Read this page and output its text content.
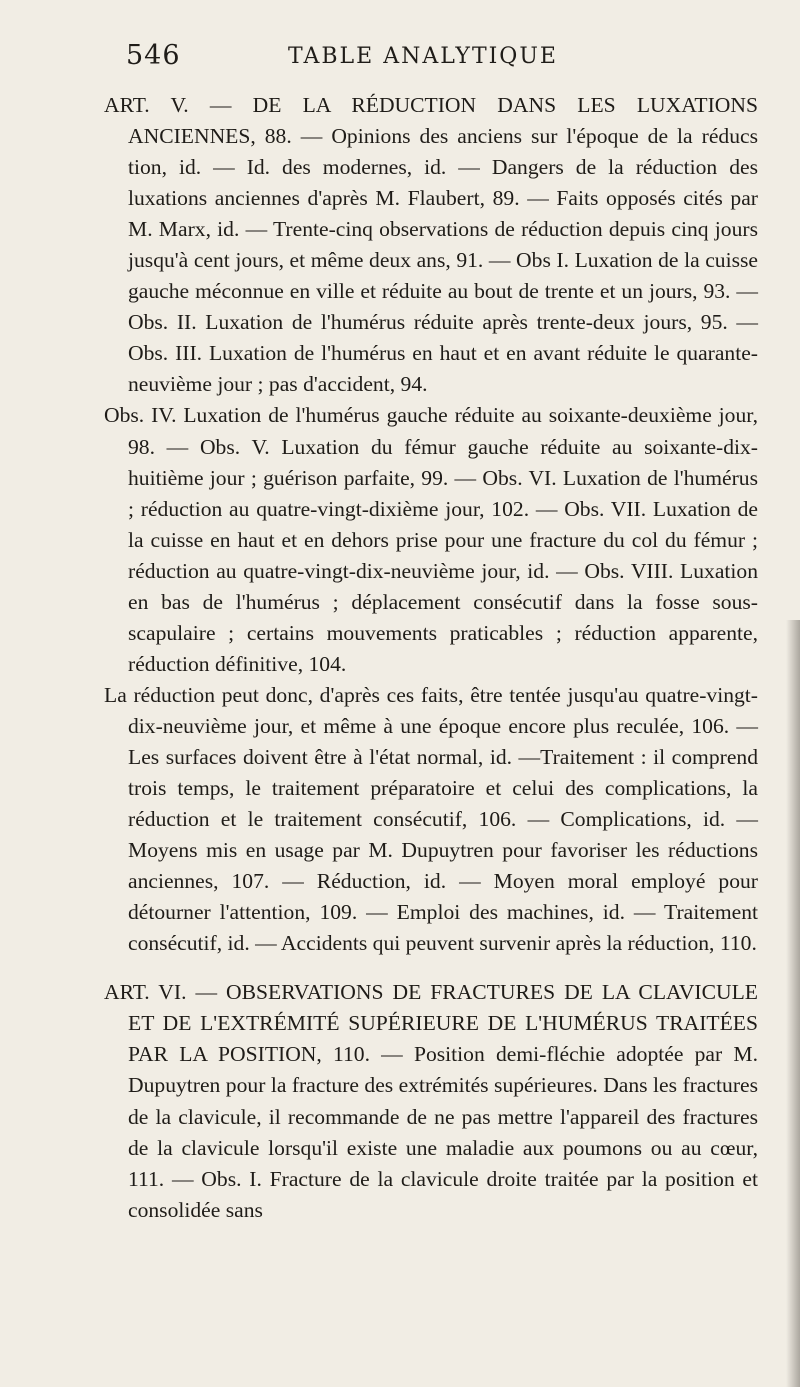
546	TABLE ANALYTIQUE

ART. V. — DE LA RÉDUCTION DANS LES LUXATIONS ANCIENNES, 88. — Opinions des anciens sur l'époque de la réducs tion, id. — Id. des modernes, id. — Dangers de la réduction des luxations anciennes d'après M. Flaubert, 89. — Faits opposés cités par M. Marx, id. — Trente-cinq observations de réduction depuis cinq jours jusqu'à cent jours, et même deux ans, 91. — Obs I. Luxation de la cuisse gauche méconnue en ville et réduite au bout de trente et un jours, 93. — Obs. II. Luxation de l'humérus réduite après trente-deux jours, 95. — Obs. III. Luxation de l'humérus en haut et en avant réduite le quarante-neuvième jour ; pas d'accident, 94.

Obs. IV. Luxation de l'humérus gauche réduite au soixante-deuxième jour, 98. — Obs. V. Luxation du fémur gauche réduite au soixante-dix-huitième jour ; guérison parfaite, 99. — Obs. VI. Luxation de l'humérus ; réduction au quatre-vingt-dixième jour, 102. — Obs. VII. Luxation de la cuisse en haut et en dehors prise pour une fracture du col du fémur ; réduction au quatre-vingt-dix-neuvième jour, id. — Obs. VIII. Luxation en bas de l'humérus ; déplacement consécutif dans la fosse sous-scapulaire ; certains mouvements praticables ; réduction apparente, réduction définitive, 104.

La réduction peut donc, d'après ces faits, être tentée jusqu'au quatre-vingt-dix-neuvième jour, et même à une époque encore plus reculée, 106. — Les surfaces doivent être à l'état normal, id. —Traitement : il comprend trois temps, le traitement préparatoire et celui des complications, la réduction et le traitement consécutif, 106. — Complications, id. — Moyens mis en usage par M. Dupuytren pour favoriser les réductions anciennes, 107. — Réduction, id. — Moyen moral employé pour détourner l'attention, 109. — Emploi des machines, id. — Traitement consécutif, id. — Accidents qui peuvent survenir après la réduction, 110.

ART. VI. — OBSERVATIONS DE FRACTURES DE LA CLAVICULE ET DE L'EXTRÉMITÉ SUPÉRIEURE DE L'HUMÉRUS TRAITÉES PAR LA POSITION, 110. — Position demi-fléchie adoptée par M. Dupuytren pour la fracture des extrémités supérieures. Dans les fractures de la clavicule, il recommande de ne pas mettre l'appareil des fractures de la clavicule lorsqu'il existe une maladie aux poumons ou au cœur, 111. — Obs. I. Fracture de la clavicule droite traitée par la position et consolidée sans
